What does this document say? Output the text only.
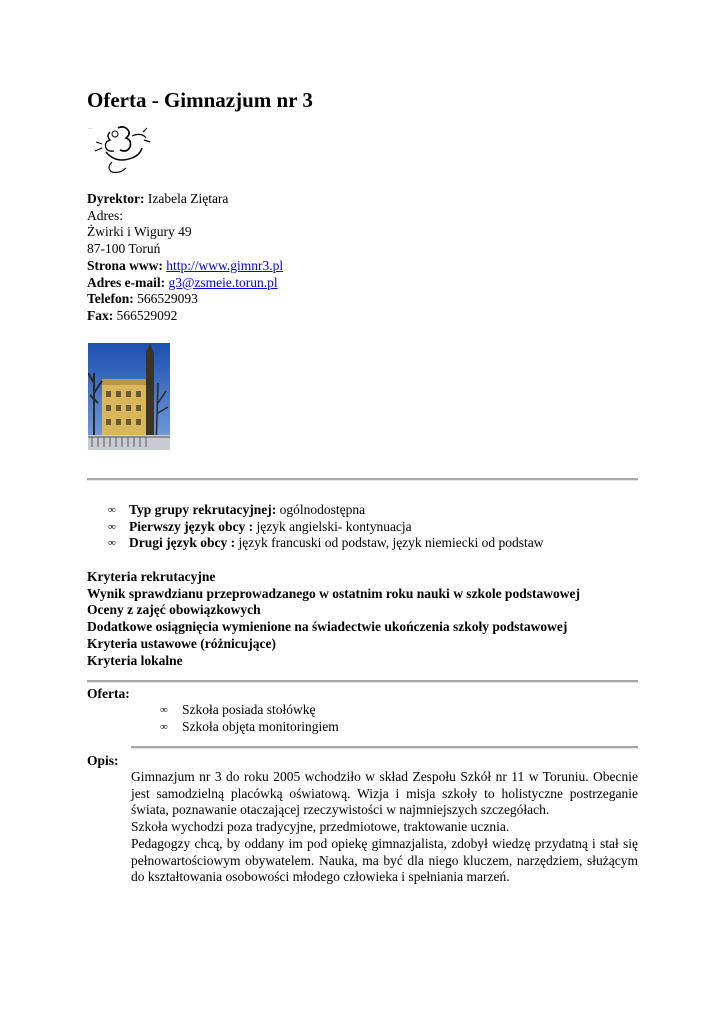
Oferta - Gimnazjum nr 3
...
Dyrektor: Izabela Ziętara
Adres:
Żwirki i Wigury 49
87-100 Toruń
Strona www: http://www.gimnr3.pl
Adres e-mail: g3@zsmeie.torun.pl
Telefon: 566529093
Fax: 566529092
∞ Typ grupy rekrutacyjnej: ogólnodostępna
∞ Pierwszy język obcy : język angielski- kontynuacja
∞ Drugi język obcy : język francuski od podstaw, język niemiecki od podstaw
Kryteria rekrutacyjne
Wynik sprawdzianu przeprowadzanego w ostatnim roku nauki w szkole podstawowej
Oceny z zajęć obowiązkowych
Dodatkowe osiągnięcia wymienione na świadectwie ukończenia szkoły podstawowej
Kryteria ustawowe (różnicujące)
Kryteria lokalne
Oferta:
∞	Szkoła posiada stołówkę
∞	Szkoła objęta monitoringiem
Opis:

Gimnazjum nr 3 do roku 2005 wchodziło w skład Zespołu Szkół nr 11 w Toruniu. Obecnie jest samodzielną placówką oświatową. Wizja i misja szkoły to holistyczne postrzeganie świata, poznawanie otaczającej rzeczywistości w najmniejszych szczegółach.

Szkoła wychodzi poza tradycyjne, przedmiotowe, traktowanie ucznia.

Pedagogzy chcą, by oddany im pod opiekę gimnazjalista, zdobył wiedzę przydatną i stał się pełnowartościowym obywatelem. Nauka, ma być dla niego kluczem, narzędziem, służącym do kształtowania osobowości młodego człowieka i spełniania marzeń.
